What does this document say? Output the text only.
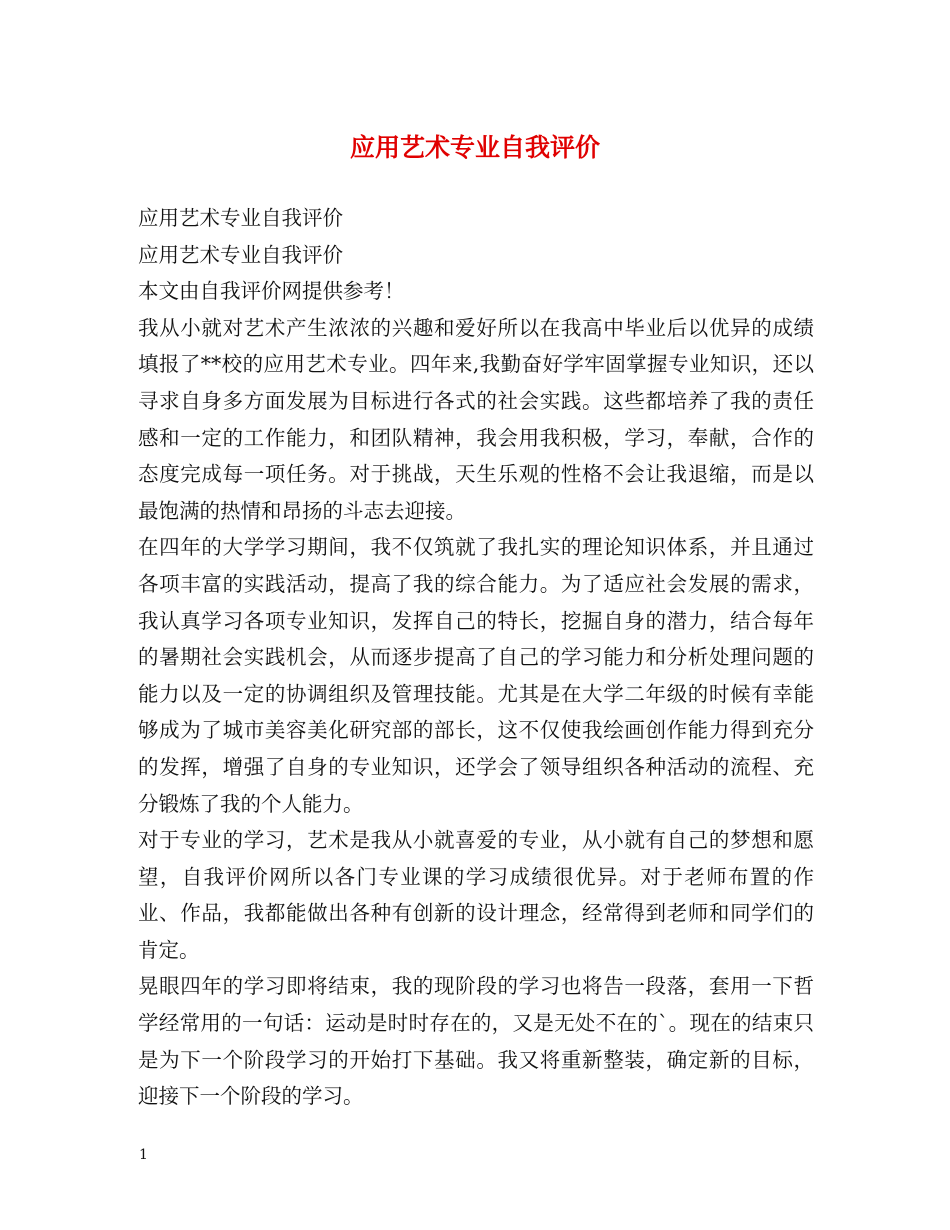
应用艺术专业自我评价

应用艺术专业自我评价

应用艺术专业自我评价

本文由自我评价网提供参考！

我从小就对艺术产生浓浓的兴趣和爱好所以在我高中毕业后以优异的成绩填报了**校的应用艺术专业。四年来,我勤奋好学牢固掌握专业知识，还以寻求自身多方面发展为目标进行各式的社会实践。这些都培养了我的责任感和一定的工作能力，和团队精神，我会用我积极，学习，奉献，合作的态度完成每一项任务。对于挑战，天生乐观的性格不会让我退缩，而是以最饱满的热情和昂扬的斗志去迎接。

在四年的大学学习期间，我不仅筑就了我扎实的理论知识体系，并且通过各项丰富的实践活动，提高了我的综合能力。为了适应社会发展的需求，我认真学习各项专业知识，发挥自己的特长，挖掘自身的潜力，结合每年的暑期社会实践机会，从而逐步提高了自己的学习能力和分析处理问题的能力以及一定的协调组织及管理技能。尤其是在大学二年级的时候有幸能够成为了城市美容美化研究部的部长，这不仅使我绘画创作能力得到充分的发挥，增强了自身的专业知识，还学会了领导组织各种活动的流程、充分锻炼了我的个人能力。

对于专业的学习，艺术是我从小就喜爱的专业，从小就有自己的梦想和愿望，自我评价网所以各门专业课的学习成绩很优异。对于老师布置的作业、作品，我都能做出各种有创新的设计理念，经常得到老师和同学们的肯定。

晃眼四年的学习即将结束，我的现阶段的学习也将告一段落，套用一下哲学经常用的一句话：运动是时时存在的，又是无处不在的`。现在的结束只是为下一个阶段学习的开始打下基础。我又将重新整装，确定新的目标，迎接下一个阶段的学习。

1
